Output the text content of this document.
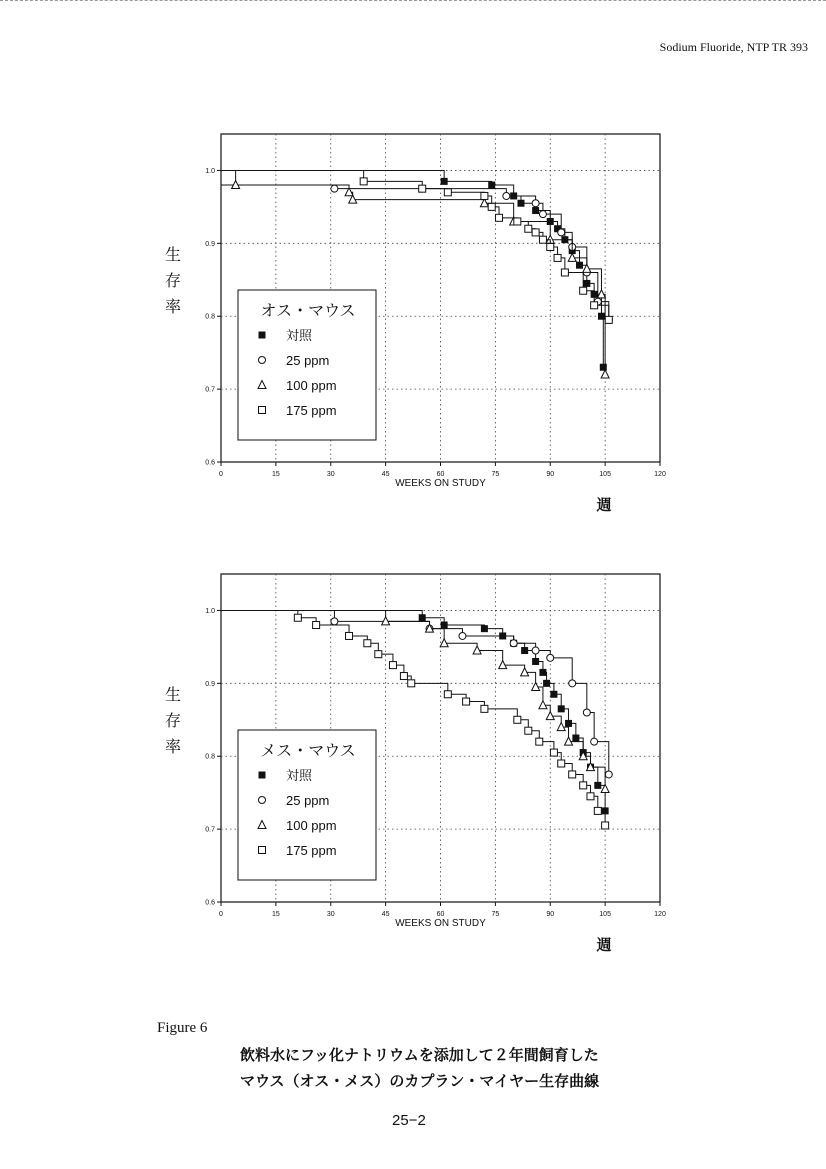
Sodium Fluoride, NTP TR 393
0	15	30	45	60	75	90	105	120
0.6
0.7
0.8
0.9
1.0
WEEKS ON STUDY
週
生
存
率	オス・マウス
対照
25 ppm
100 ppm
175 ppm
0	15	30	45	60	75	90	105	120
0.6
0.7
0.8
0.9
1.0
WEEKS ON STUDY
週
生
存
率	メス・マウス
対照
25 ppm
100 ppm
175 ppm
Figure 6
飲料水にフッ化ナトリウムを添加して２年間飼育した
マウス（オス・メス）のカプラン・マイヤー生存曲線
25−2
